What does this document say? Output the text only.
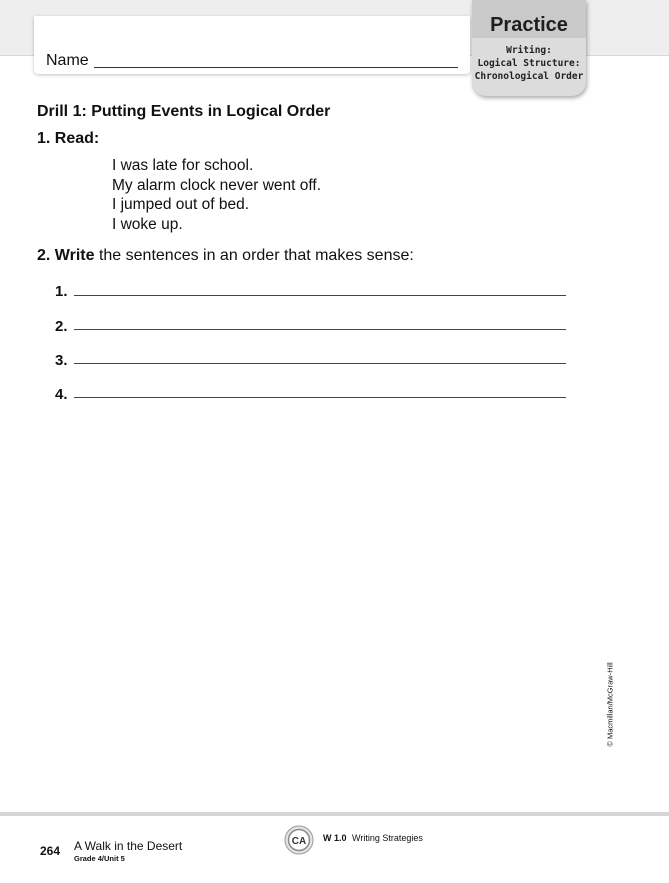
Name
Practice
Writing:
Logical Structure:
Chronological Order
Drill 1: Putting Events in Logical Order
1. Read:
I was late for school.
My alarm clock never went off.
I jumped out of bed.
I woke up.
2. Write the sentences in an order that makes sense:
1.
2.
3.
4.
© Macmillan/McGraw-Hill
264 A Walk in the Desert
Grade 4/Unit 5
CA W 1.0 Writing Strategies
